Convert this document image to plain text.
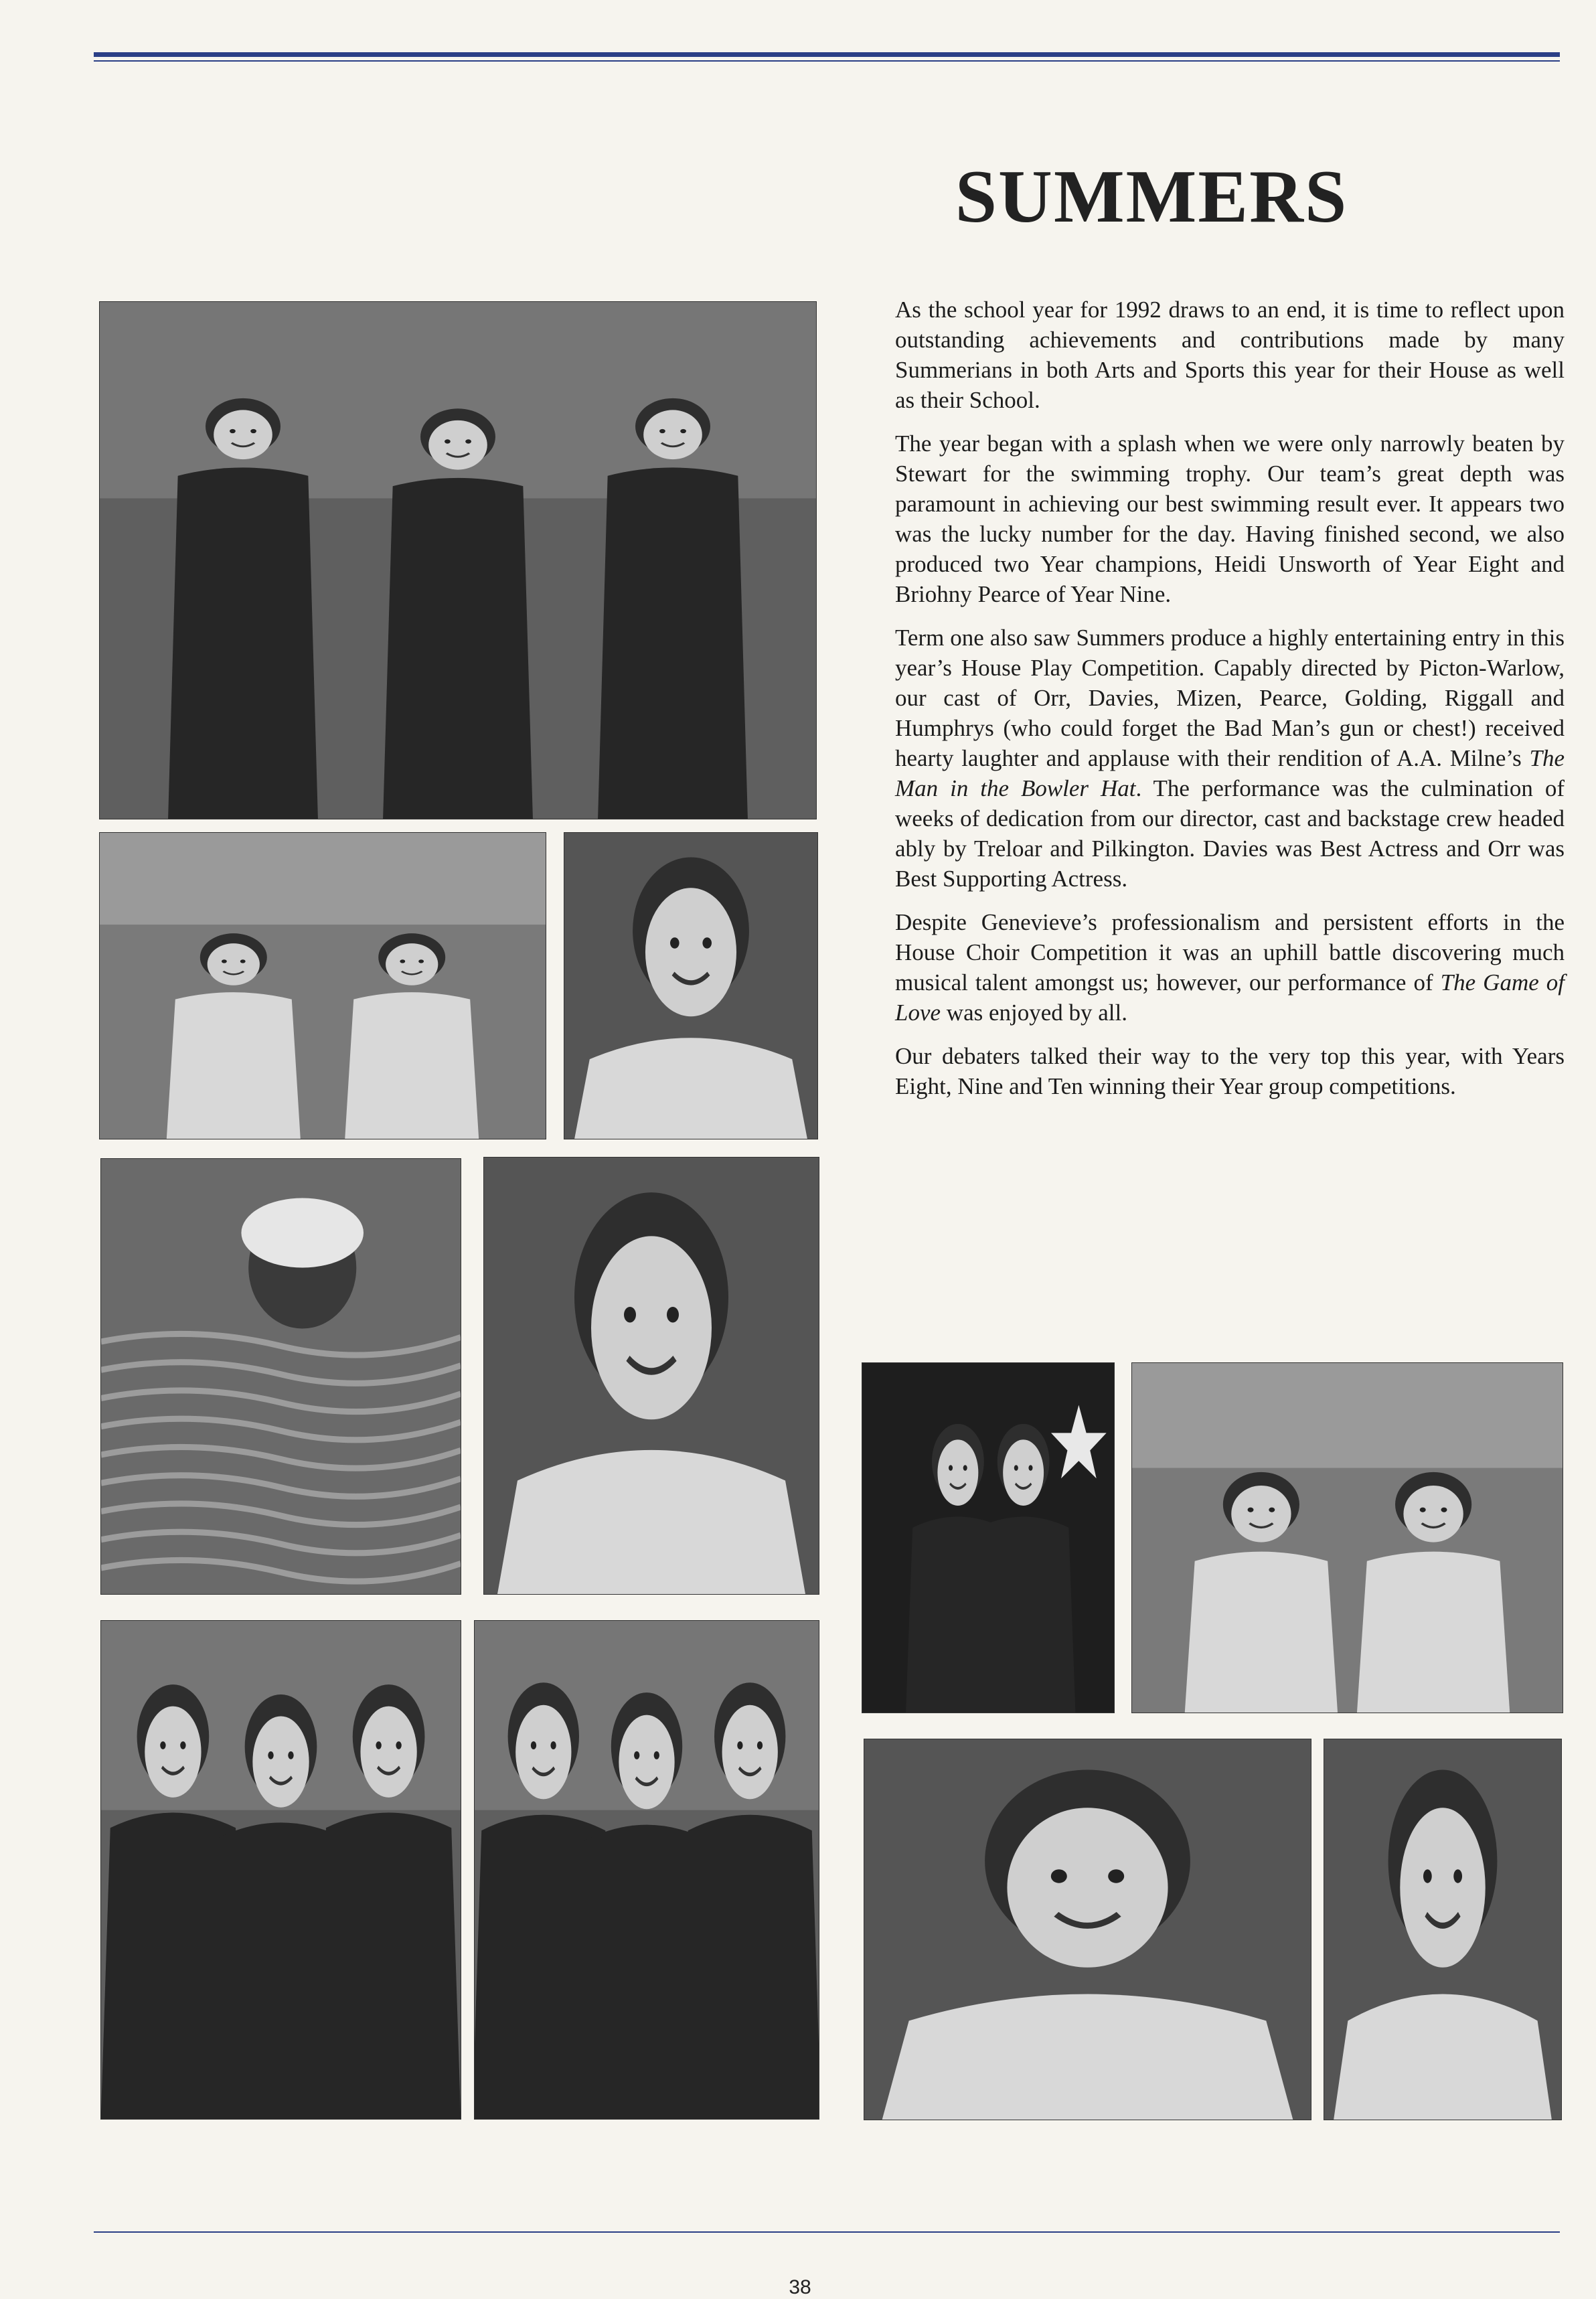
SUMMERS

As the school year for 1992 draws to an end, it is time to reflect upon outstanding achievements and contributions made by many Summerians in both Arts and Sports this year for their House as well as their School.

The year began with a splash when we were only narrowly beaten by Stewart for the swimming trophy. Our team’s great depth was paramount in achieving our best swimming result ever. It appears two was the lucky number for the day. Having finished second, we also produced two Year champions, Heidi Unsworth of Year Eight and Briohny Pearce of Year Nine.

Term one also saw Summers produce a highly entertaining entry in this year’s House Play Competition. Capably directed by Picton-Warlow, our cast of Orr, Davies, Mizen, Pearce, Golding, Riggall and Humphrys (who could forget the Bad Man’s gun or chest!) received hearty laughter and applause with their rendition of A.A. Milne’s The Man in the Bowler Hat. The performance was the culmination of weeks of dedication from our director, cast and backstage crew headed ably by Treloar and Pilkington. Davies was Best Actress and Orr was Best Supporting Actress.

Despite Genevieve’s professionalism and persistent efforts in the House Choir Competition it was an uphill battle discovering much musical talent amongst us; however, our performance of The Game of Love was enjoyed by all.

Our debaters talked their way to the very top this year, with Years Eight, Nine and Ten winning their Year group competitions.

38
